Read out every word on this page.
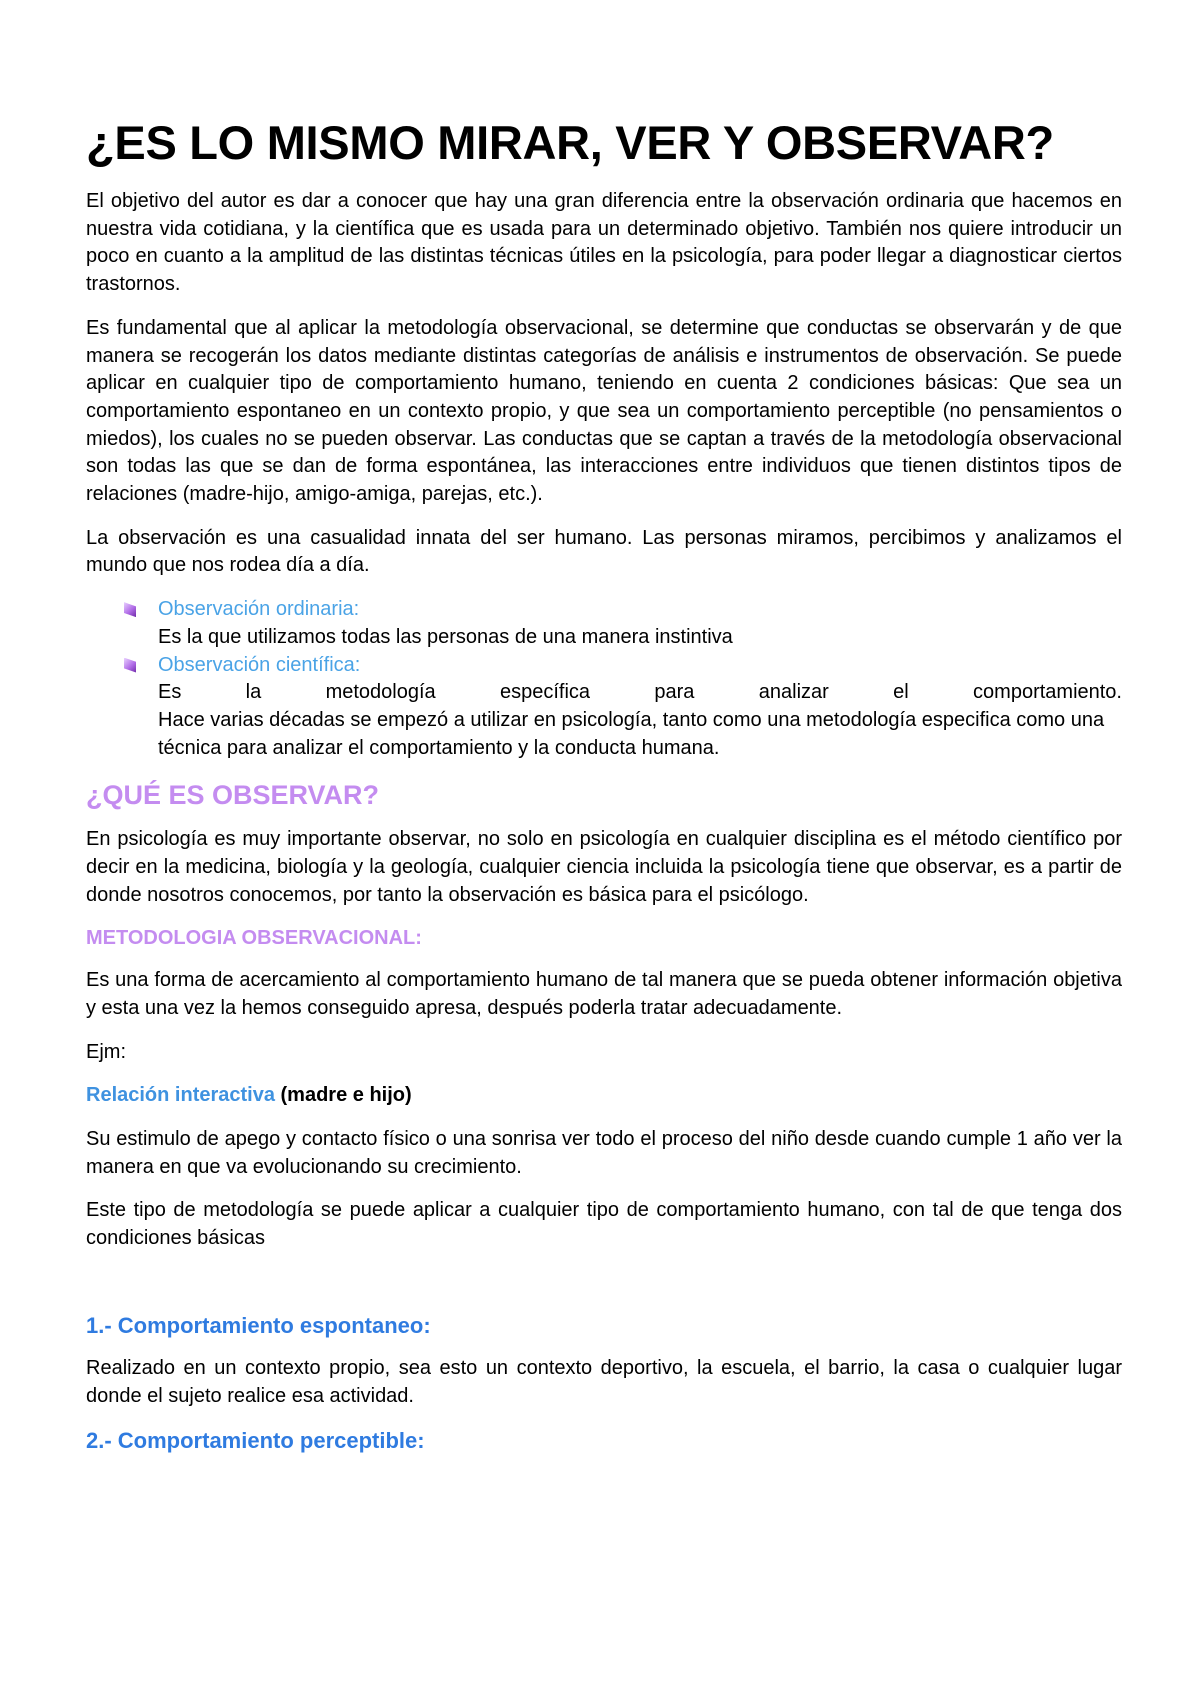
¿ES LO MISMO MIRAR, VER Y OBSERVAR?

El objetivo del autor es dar a conocer que hay una gran diferencia entre la observación ordinaria que hacemos en nuestra vida cotidiana, y la científica que es usada para un determinado objetivo. También nos quiere introducir un poco en cuanto a la amplitud de las distintas técnicas útiles en la psicología, para poder llegar a diagnosticar ciertos trastornos.

Es fundamental que al aplicar la metodología observacional, se determine que conductas se observarán y de que manera se recogerán los datos mediante distintas categorías de análisis e instrumentos de observación. Se puede aplicar en cualquier tipo de comportamiento humano, teniendo en cuenta 2 condiciones básicas: Que sea un comportamiento espontaneo en un contexto propio, y que sea un comportamiento perceptible (no pensamientos o miedos), los cuales no se pueden observar. Las conductas que se captan a través de la metodología observacional son todas las que se dan de forma espontánea, las interacciones entre individuos que tienen distintos tipos de relaciones (madre-hijo, amigo-amiga, parejas, etc.).

La observación es una casualidad innata del ser humano. Las personas miramos, percibimos y analizamos el mundo que nos rodea día a día.

Observación ordinaria:
Es la que utilizamos todas las personas de una manera instintiva
Observación científica:
Es la metodología específica para analizar el comportamiento.
Hace varias décadas se empezó a utilizar en psicología, tanto como una metodología especifica como una técnica para analizar el comportamiento y la conducta humana.
¿QUÉ ES OBSERVAR?

En psicología es muy importante observar, no solo en psicología en cualquier disciplina es el método científico por decir en la medicina, biología y la geología, cualquier ciencia incluida la psicología tiene que observar, es a partir de donde nosotros conocemos, por tanto la observación es básica para el psicólogo.

METODOLOGIA OBSERVACIONAL:

Es una forma de acercamiento al comportamiento humano de tal manera que se pueda obtener información objetiva y esta una vez la hemos conseguido apresa, después poderla tratar adecuadamente.

Ejm:

Relación interactiva (madre e hijo)

Su estimulo de apego y contacto físico o una sonrisa ver todo el proceso del niño desde cuando cumple 1 año ver la manera en que va evolucionando su crecimiento.

Este tipo de metodología se puede aplicar a cualquier tipo de comportamiento humano, con tal de que tenga dos condiciones básicas

1.- Comportamiento espontaneo:

Realizado en un contexto propio, sea esto un contexto deportivo, la escuela, el barrio, la casa o cualquier lugar donde el sujeto realice esa actividad.

2.- Comportamiento perceptible:
